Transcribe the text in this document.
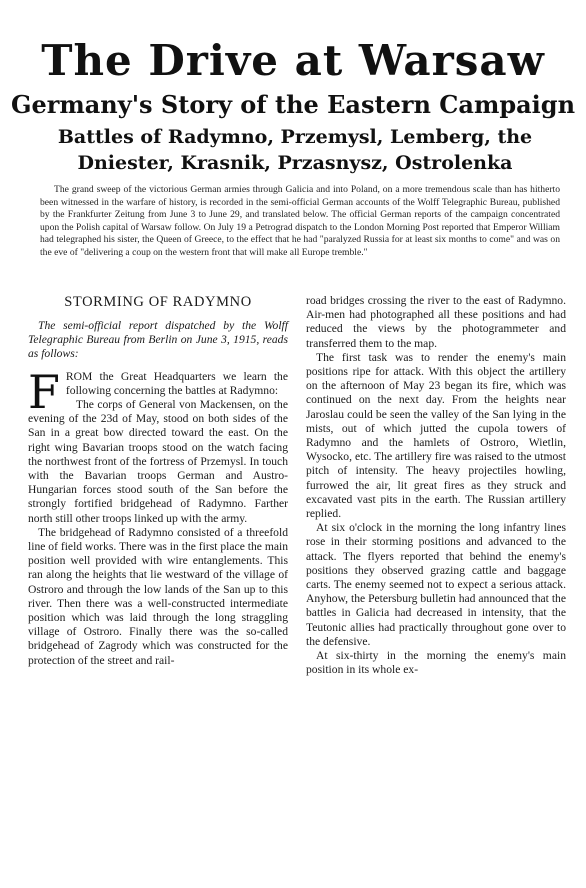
The Drive at Warsaw
Germany's Story of the Eastern Campaign
Battles of Radymno, Przemysl, Lemberg, the Dniester, Krasnik, Przasnysz, Ostrolenka

The grand sweep of the victorious German armies through Galicia and into Poland, on a more tremendous scale than has hitherto been witnessed in the warfare of history, is recorded in the semi-official German accounts of the Wolff Telegraphic Bureau, published by the Frankfurter Zeitung from June 3 to June 29, and translated below. The official German reports of the campaign concentrated upon the Polish capital of Warsaw follow. On July 19 a Petrograd dispatch to the London Morning Post reported that Emperor William had telegraphed his sister, the Queen of Greece, to the effect that he had "paralyzed Russia for at least six months to come" and was on the eve of "delivering a coup on the western front that will make all Europe tremble."

STORMING OF RADYMNO

The semi-official report dispatched by the Wolff Telegraphic Bureau from Berlin on June 3, 1915, reads as follows:

FROM the Great Headquarters we learn the following concerning the battles at Radymno:

The corps of General von Mackensen, on the evening of the 23d of May, stood on both sides of the San in a great bow directed toward the east. On the right wing Bavarian troops stood on the watch facing the northwest front of the fortress of Przemysl. In touch with the Bavarian troops German and Austro-Hungarian forces stood south of the San before the strongly fortified bridgehead of Radymno. Farther north still other troops linked up with the army.

The bridgehead of Radymno consisted of a threefold line of field works. There was in the first place the main position well provided with wire entanglements. This ran along the heights that lie westward of the village of Ostroro and through the low lands of the San up to this river. Then there was a well-constructed intermediate position which was laid through the long straggling village of Ostroro. Finally there was the so-called bridgehead of Zagrody which was constructed for the protection of the street and rail-

road bridges crossing the river to the east of Radymno. Air-men had photographed all these positions and had reduced the views by the photogrammeter and transferred them to the map.

The first task was to render the enemy's main positions ripe for attack. With this object the artillery on the afternoon of May 23 began its fire, which was continued on the next day. From the heights near Jaroslau could be seen the valley of the San lying in the mists, out of which jutted the cupola towers of Radymno and the hamlets of Ostroro, Wietlin, Wysocko, etc. The artillery fire was raised to the utmost pitch of intensity. The heavy projectiles howling, furrowed the air, lit great fires as they struck and excavated vast pits in the earth. The Russian artillery replied.

At six o'clock in the morning the long infantry lines rose in their storming positions and advanced to the attack. The flyers reported that behind the enemy's positions they observed grazing cattle and baggage carts. The enemy seemed not to expect a serious attack. Anyhow, the Petersburg bulletin had announced that the battles in Galicia had decreased in intensity, that the Teutonic allies had practically throughout gone over to the defensive.

At six-thirty in the morning the enemy's main position in its whole ex-
